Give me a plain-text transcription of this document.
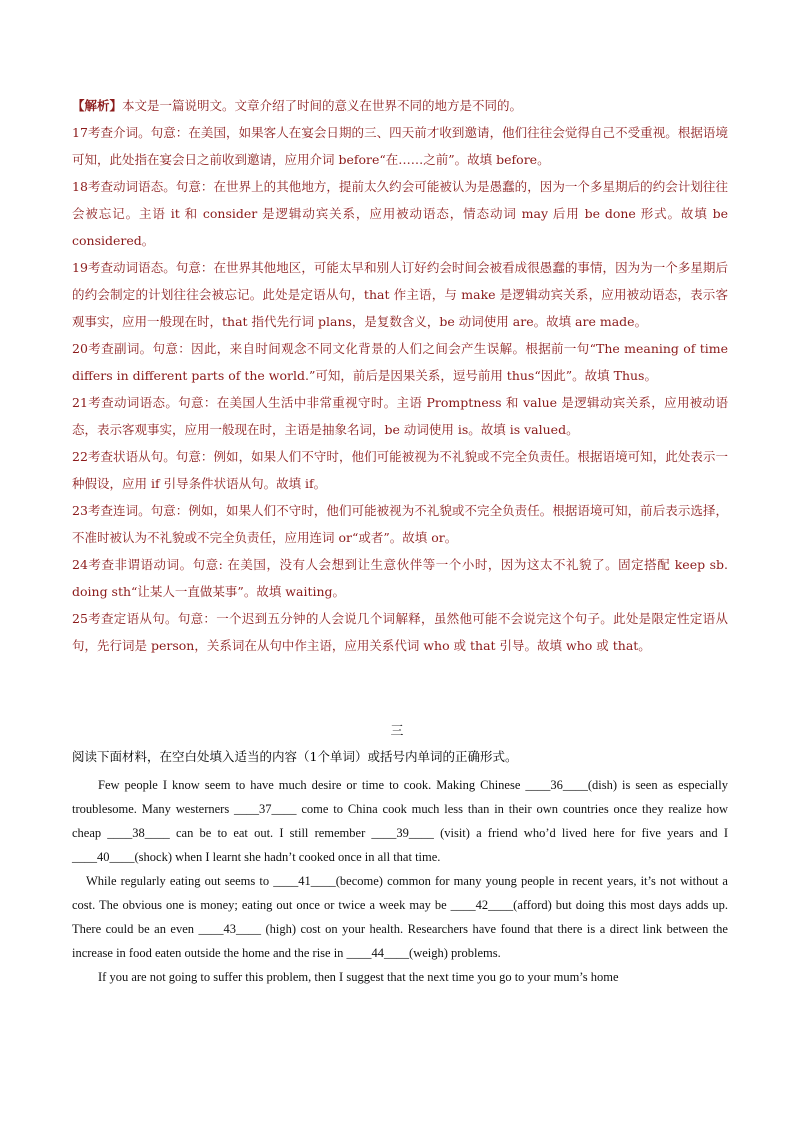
【解析】本文是一篇说明文。文章介绍了时间的意义在世界不同的地方是不同的。

17考查介词。句意：在美国，如果客人在宴会日期的三、四天前才收到邀请，他们往往会觉得自己不受重视。根据语境可知，此处指在宴会日之前收到邀请，应用介词 before“在……之前”。故填 before。

18考查动词语态。句意：在世界上的其他地方，提前太久约会可能被认为是愚蠢的，因为一个多星期后的约会计划往往会被忘记。主语 it 和 consider 是逻辑动宾关系，应用被动语态，情态动词 may 后用 be done 形式。故填 be considered。

19考查动词语态。句意：在世界其他地区，可能太早和别人订好约会时间会被看成很愚蠢的事情，因为为一个多星期后的约会制定的计划往往会被忘记。此处是定语从句，that 作主语，与 make 是逻辑动宾关系，应用被动语态，表示客观事实，应用一般现在时，that 指代先行词 plans，是复数含义，be 动词使用 are。故填 are made。

20考查副词。句意：因此，来自时间观念不同文化背景的人们之间会产生误解。根据前一句“The meaning of time differs in different parts of the world.”可知，前后是因果关系，逗号前用 thus“因此”。故填 Thus。

21考查动词语态。句意：在美国人生活中非常重视守时。主语 Promptness 和 value 是逻辑动宾关系，应用被动语态，表示客观事实，应用一般现在时，主语是抽象名词，be 动词使用 is。故填 is valued。

22考查状语从句。句意：例如，如果人们不守时，他们可能被视为不礼貌或不完全负责任。根据语境可知，此处表示一种假设，应用 if 引导条件状语从句。故填 if。

23考查连词。句意：例如，如果人们不守时，他们可能被视为不礼貌或不完全负责任。根据语境可知，前后表示选择，不准时被认为不礼貌或不完全负责任，应用连词 or“或者”。故填 or。

24考查非谓语动词。句意: 在美国，没有人会想到让生意伙伴等一个小时，因为这太不礼貌了。固定搭配 keep sb. doing sth“让某人一直做某事”。故填 waiting。

25考查定语从句。句意：一个迟到五分钟的人会说几个词解释，虽然他可能不会说完这个句子。此处是限定性定语从句，先行词是 person，关系词在从句中作主语，应用关系代词 who 或 that 引导。故填 who 或 that。

三
阅读下面材料，在空白处填入适当的内容（1个单词）或括号内单词的正确形式。

Few people I know seem to have much desire or time to cook. Making Chinese ____36____(dish) is seen as especially troublesome. Many westerners ____37____ come to China cook much less than in their own countries once they realize how cheap ____38____ can be to eat out. I still remember ____39____ (visit) a friend who’d lived here for five years and I ____40____(shock) when I learnt she hadn’t cooked once in all that time.

While regularly eating out seems to ____41____(become) common for many young people in recent years, it’s not without a cost. The obvious one is money; eating out once or twice a week may be ____42____(afford) but doing this most days adds up. There could be an even ____43____ (high) cost on your health. Researchers have found that there is a direct link between the increase in food eaten outside the home and the rise in ____44____(weigh) problems.

If you are not going to suffer this problem, then I suggest that the next time you go to your mum’s home
